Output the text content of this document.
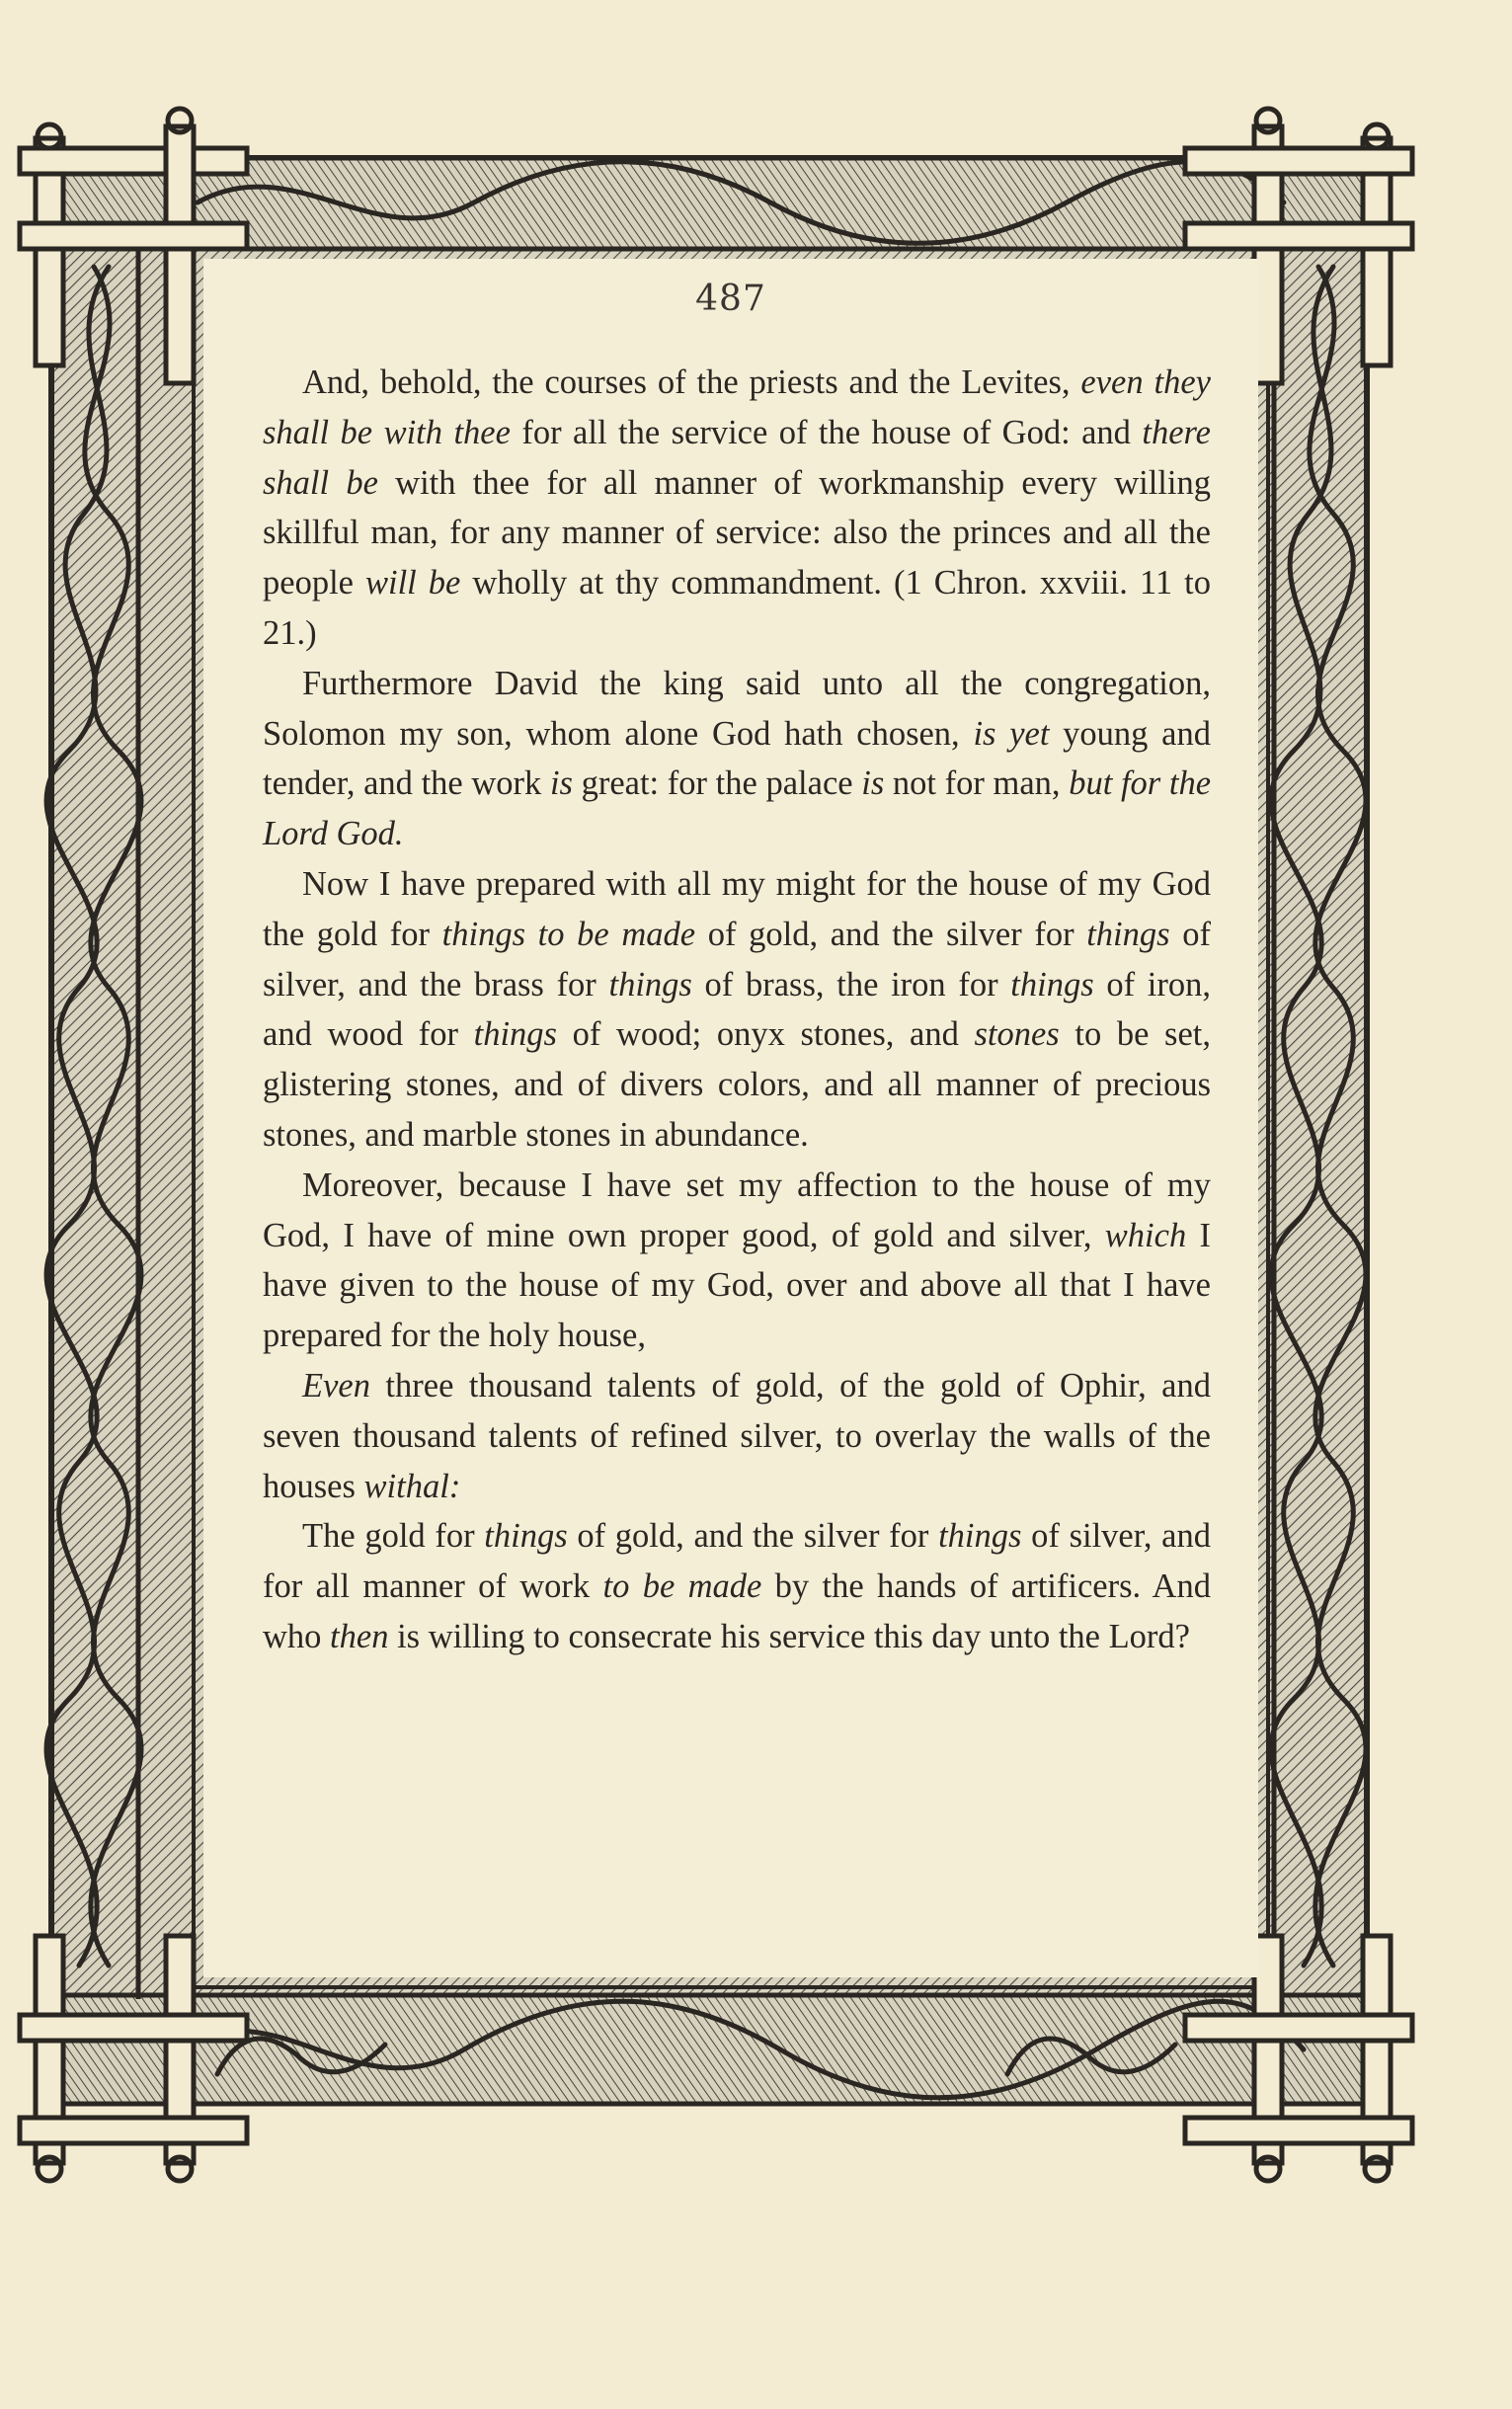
487

And, behold, the courses of the priests and the Levites, even they shall be with thee for all the service of the house of God: and there shall be with thee for all manner of workmanship every willing skillful man, for any manner of service: also the princes and all the people will be wholly at thy commandment. (1 Chron. xxviii. 11 to 21.)

Furthermore David the king said unto all the congregation, Solomon my son, whom alone God hath chosen, is yet young and tender, and the work is great: for the palace is not for man, but for the Lord God.

Now I have prepared with all my might for the house of my God the gold for things to be made of gold, and the silver for things of silver, and the brass for things of brass, the iron for things of iron, and wood for things of wood; onyx stones, and stones to be set, glistering stones, and of divers colors, and all manner of precious stones, and marble stones in abundance.

Moreover, because I have set my affection to the house of my God, I have of mine own proper good, of gold and silver, which I have given to the house of my God, over and above all that I have prepared for the holy house,

Even three thousand talents of gold, of the gold of Ophir, and seven thousand talents of refined silver, to overlay the walls of the houses withal:

The gold for things of gold, and the silver for things of silver, and for all manner of work to be made by the hands of artificers. And who then is willing to consecrate his service this day unto the Lord?
